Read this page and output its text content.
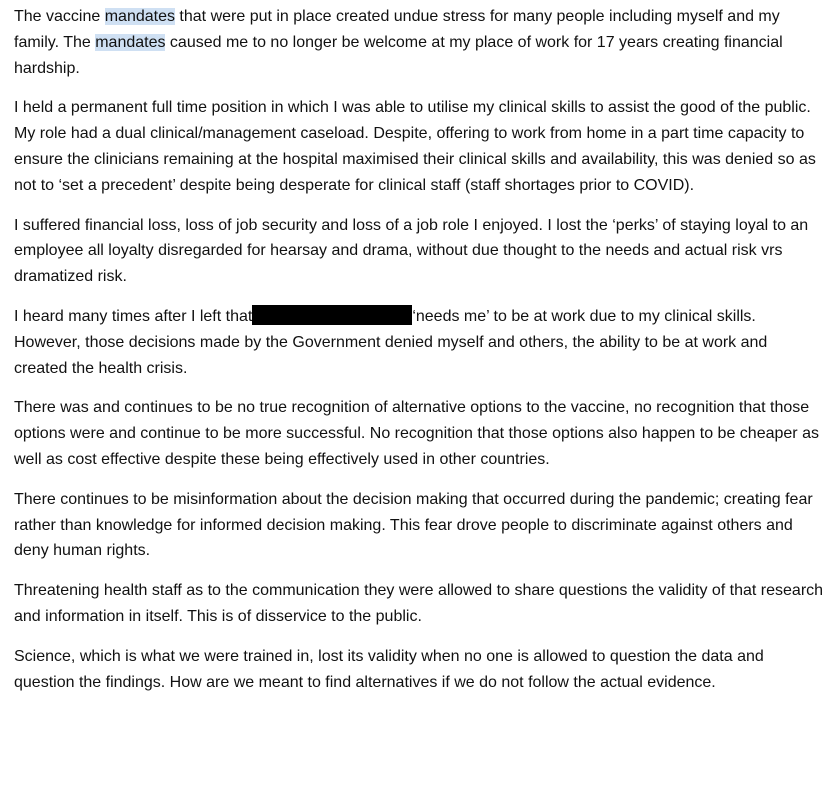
The vaccine mandates that were put in place created undue stress for many people including myself and my family. The mandates caused me to no longer be welcome at my place of work for 17 years creating financial hardship.

I held a permanent full time position in which I was able to utilise my clinical skills to assist the good of the public. My role had a dual clinical/management caseload. Despite, offering to work from home in a part time capacity to ensure the clinicians remaining at the hospital maximised their clinical skills and availability, this was denied so as not to ‘set a precedent’ despite being desperate for clinical staff (staff shortages prior to COVID).

I suffered financial loss, loss of job security and loss of a job role I enjoyed. I lost the ‘perks’ of staying loyal to an employee all loyalty disregarded for hearsay and drama, without due thought to the needs and actual risk vrs dramatized risk.

I heard many times after I left that	‘needs me’ to be at work due to my clinical skills. However, those decisions made by the Government denied myself and others, the ability to be at work and created the health crisis.

There was and continues to be no true recognition of alternative options to the vaccine, no recognition that those options were and continue to be more successful. No recognition that those options also happen to be cheaper as well as cost effective despite these being effectively used in other countries.

There continues to be misinformation about the decision making that occurred during the pandemic; creating fear rather than knowledge for informed decision making. This fear drove people to discriminate against others and deny human rights.

Threatening health staff as to the communication they were allowed to share questions the validity of that research and information in itself. This is of disservice to the public.

Science, which is what we were trained in, lost its validity when no one is allowed to question the data and question the findings. How are we meant to find alternatives if we do not follow the actual evidence.
